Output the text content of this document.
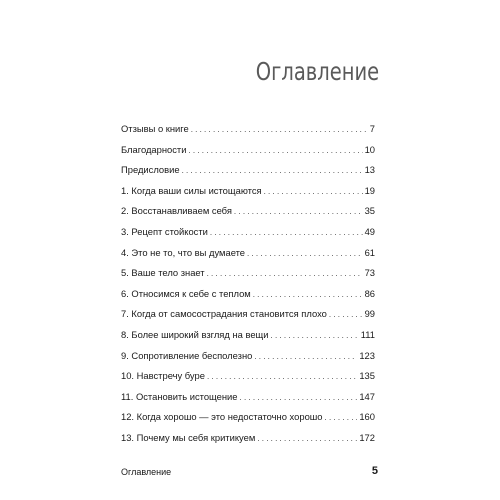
Оглавление
Отзывы о книге . . .	7
Благодарности . . .	10
Предисловие . . .	13
1. Когда ваши силы истощаются . . .	19
2. Восстанавливаем себя . . .	35
3. Рецепт стойкости . . .	49
4. Это не то, что вы думаете . . .	61
5. Ваше тело знает . . .	73
6. Относимся к себе с теплом . . .	86
7. Когда от самосострадания становится плохо . . .	99
8. Более широкий взгляд на вещи . . .	111
9. Сопротивление бесполезно . . .	123
10. Навстречу буре . . .	135
11. Остановить истощение . . .	147
12. Когда хорошо — это недостаточно хорошо . . .	160
13. Почему мы себя критикуем . . .	172
Оглавление	5
